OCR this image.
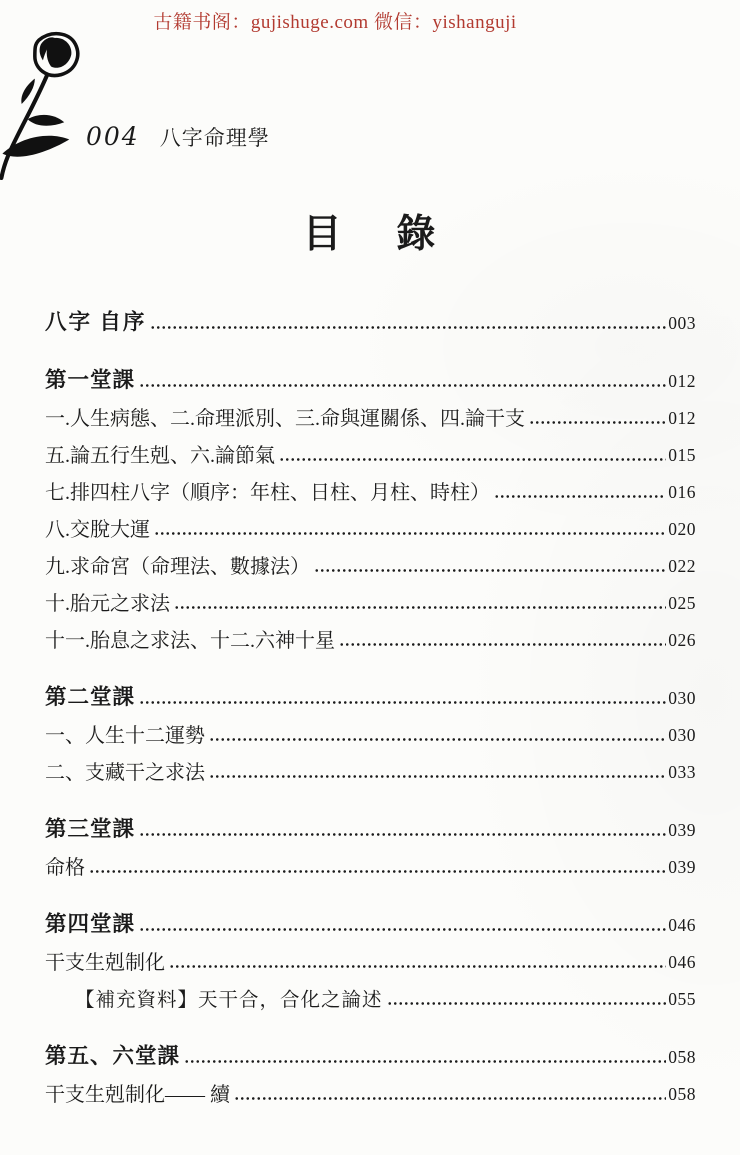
古籍书阁：gujishuge.com 微信：yishanguji
004 八字命理學
目 錄
八字 自序	003
第一堂課	012
一.人生病態、二.命理派別、三.命與運關係、四.論干支	012
五.論五行生剋、六.論節氣	015
七.排四柱八字（順序：年柱、日柱、月柱、時柱）	016
八.交脫大運	020
九.求命宮（命理法、數據法）	022
十.胎元之求法	025
十一.胎息之求法、十二.六神十星	026
第二堂課	030
一、人生十二運勢	030
二、支藏干之求法	033
第三堂課	039
命格	039
第四堂課	046
干支生剋制化	046
【補充資料】天干合，合化之論述	055
第五、六堂課	058
干支生剋制化—— 續	058
